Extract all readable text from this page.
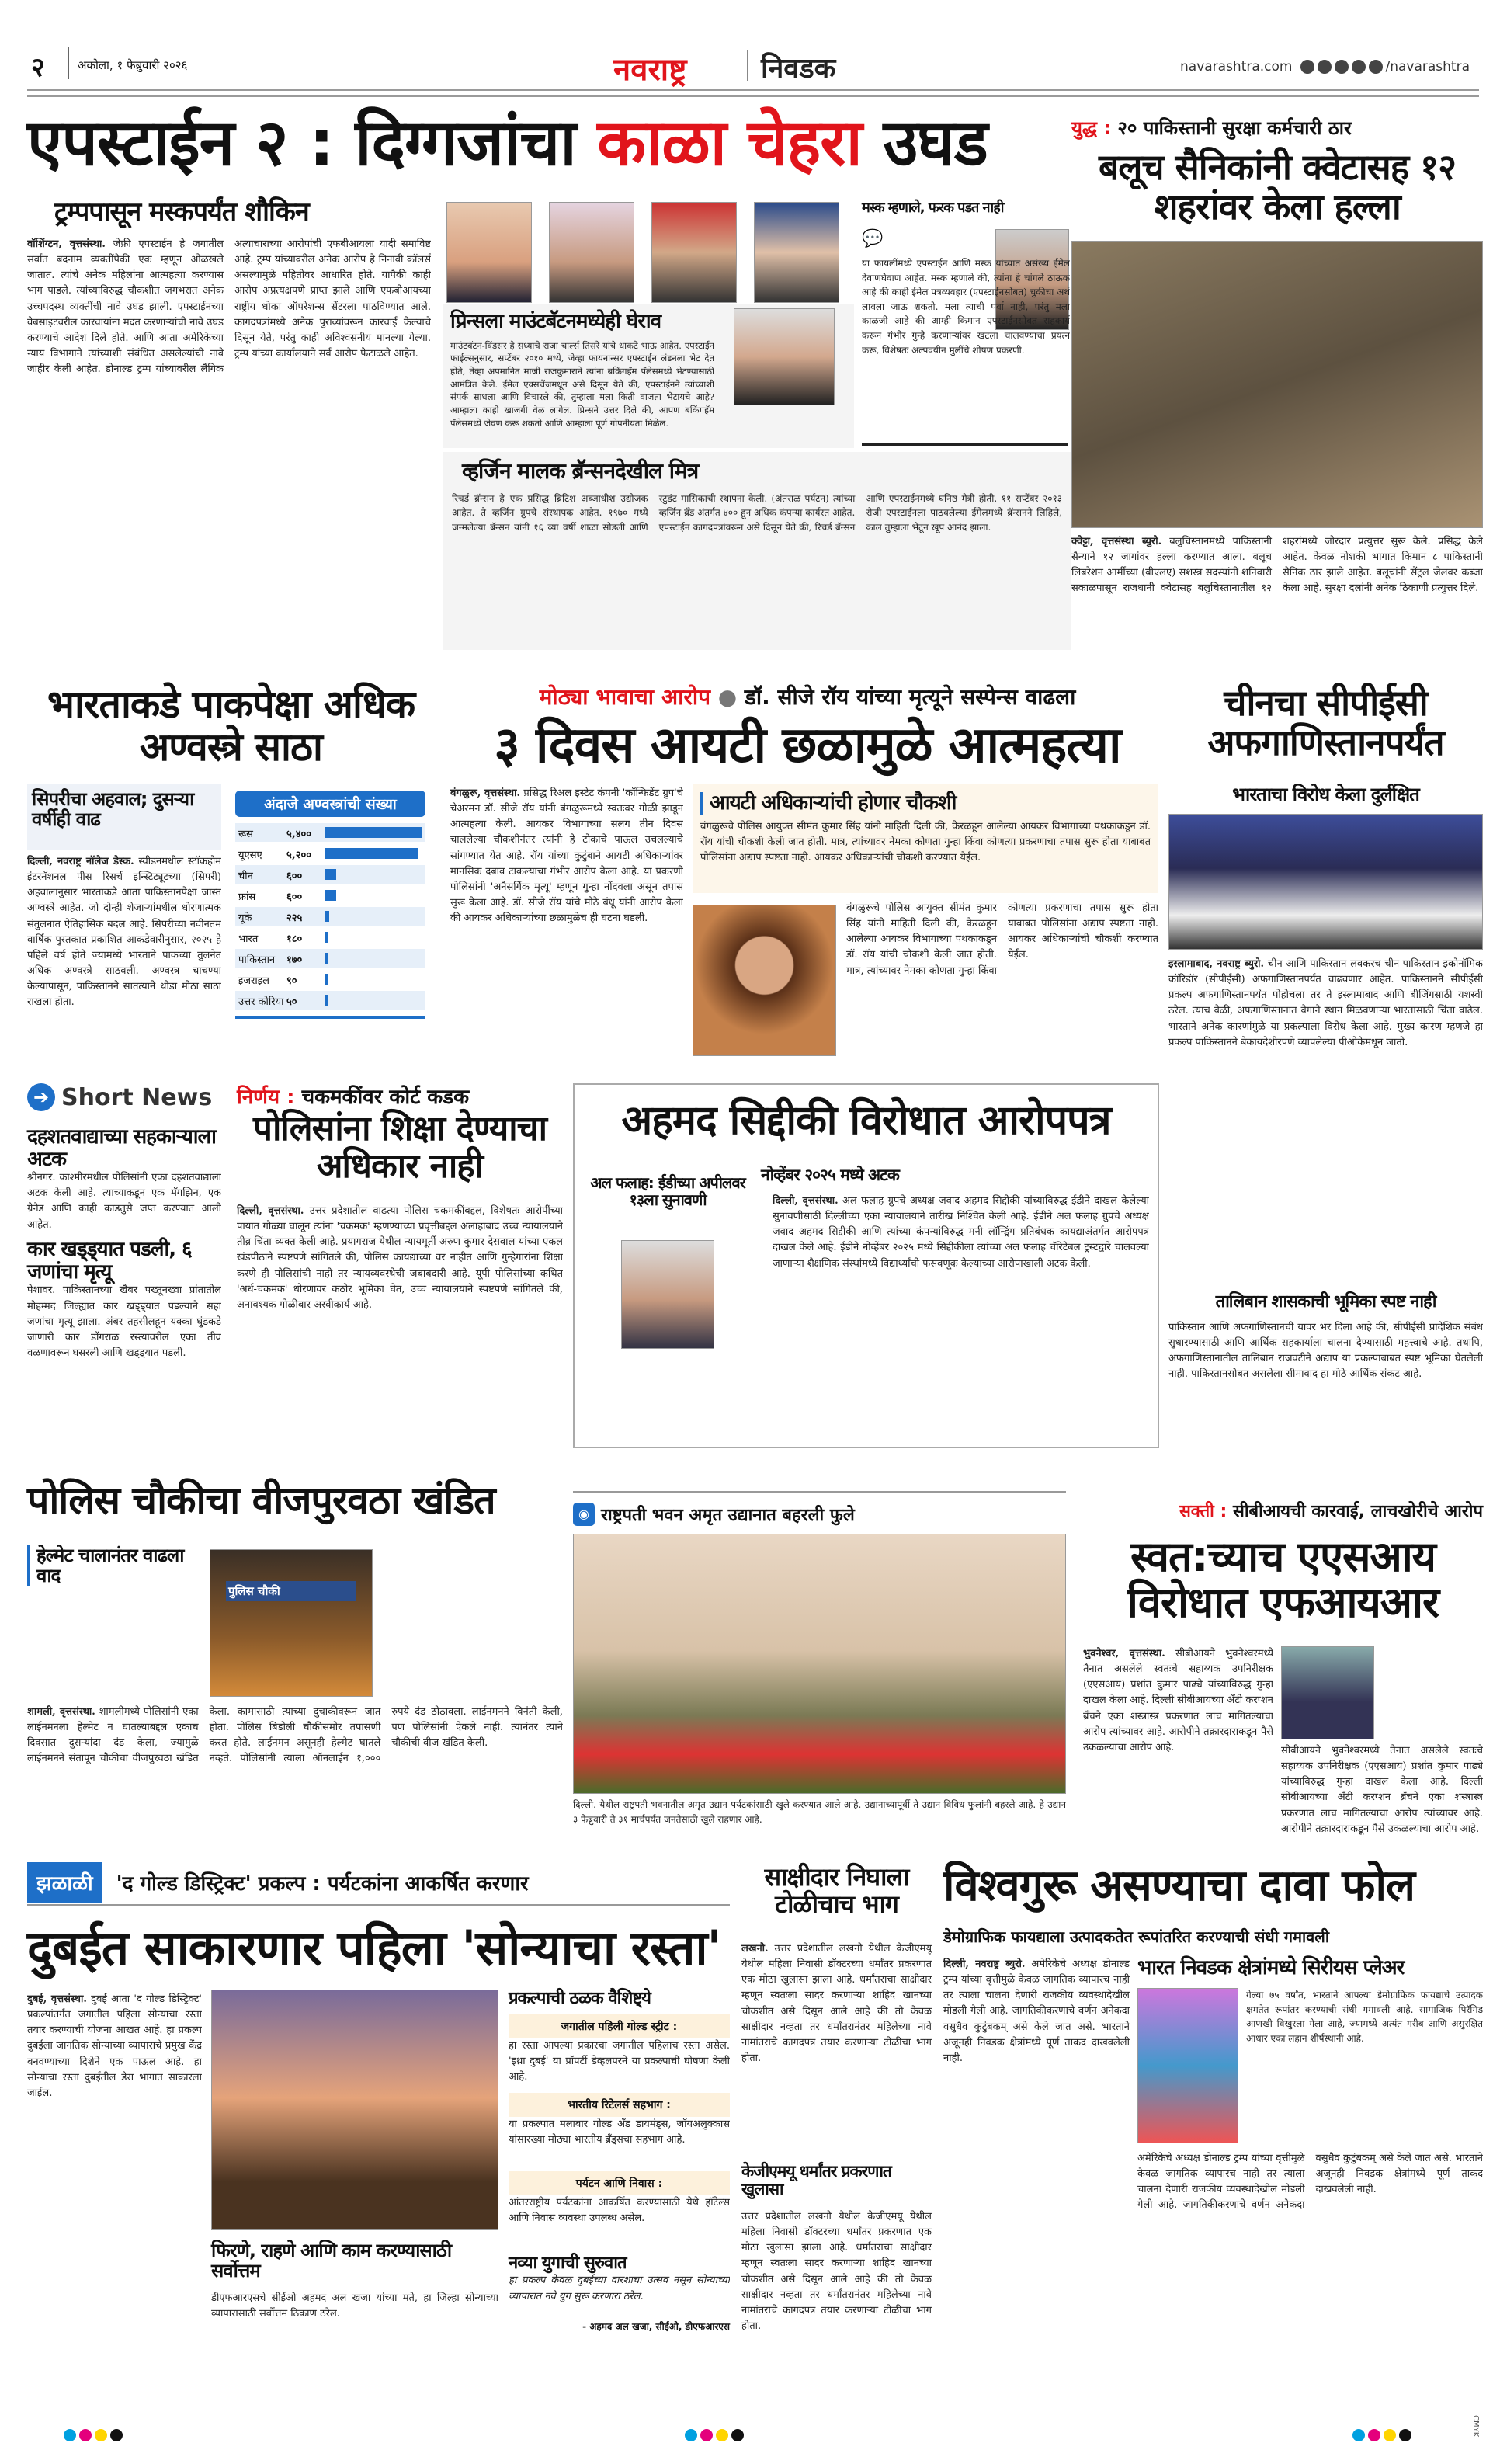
२	अकोला, १ फेब्रुवारी २०२६	नवराष्ट्र	निवडक	navarashtra.com	/navarashtra
एपस्टाईन २ : दिग्गजांचा काळा चेहरा उघड
ट्रम्पपासून मस्कपर्यंत शौकिन
वॉशिंग्टन, वृत्तसंस्था. जेफ्री एपस्टाईन हे जगातील सर्वात बदनाम व्यक्तींपैकी एक म्हणून ओळखले जातात. त्यांचे अनेक महिलांना आत्महत्या करण्यास भाग पाडले. त्यांच्याविरुद्ध चौकशीत जगभरात अनेक उच्चपदस्थ व्यक्तींची नावे उघड झाली. एपस्टाईनच्या वेबसाइटवरील कारवायांना मदत करणाऱ्यांची नावे उघड करण्याचे आदेश दिले होते. आणि आता अमेरिकेच्या न्याय विभागाने त्यांच्याशी संबंधित असलेल्यांची नावे जाहीर केली आहेत. डोनाल्ड ट्रम्प यांच्यावरील लैंगिक अत्याचाराच्या आरोपांची एफबीआयला यादी समाविष्ट आहे. ट्रम्प यांच्यावरील अनेक आरोप हे निनावी कॉलर्स असल्यामुळे महितीवर आधारित होते. यापैकी काही आरोप अप्रत्यक्षपणे प्राप्त झाले आणि एफबीआयच्या राष्ट्रीय धोका ऑपरेशन्स सेंटरला पाठविण्यात आले. कागदपत्रांमध्ये अनेक पुराव्यांवरून कारवाई केल्याचे दिसून येते, परंतु काही अविश्वसनीय मानल्या गेल्या. ट्रम्प यांच्या कार्यालयाने सर्व आरोप फेटाळले आहेत.
प्रिन्सला माउंटबॅटनमध्येही घेराव
माउंटबॅटन-विंडसर हे सध्याचे राजा चार्ल्स तिसरे यांचे धाकटे भाऊ आहेत. एपस्टाईन फाईल्सनुसार, सप्टेंबर २०१० मध्ये, जेव्हा फायनान्सर एपस्टाईन लंडनला भेट देत होते, तेव्हा अपमानित माजी राजकुमाराने त्यांना बकिंगहॅम पॅलेसमध्ये भेटण्यासाठी आमंत्रित केले. ईमेल एक्सचेंजमधून असे दिसून येते की, एपस्टाईनने त्यांच्याशी संपर्क साधला आणि विचारले की, तुम्हाला मला किती वाजता भेटायचे आहे? आम्हाला काही खाजगी वेळ लागेल. प्रिन्सने उत्तर दिले की, आपण बकिंगहॅम पॅलेसमध्ये जेवण करू शकतो आणि आम्हाला पूर्ण गोपनीयता मिळेल.
मस्क म्हणाले, फरक पडत नाही
💬
या फायलींमध्ये एपस्टाईन आणि मस्क यांच्यात असंख्य ईमेल देवाणघेवाण आहेत. मस्क म्हणाले की, त्यांना हे चांगले ठाऊक आहे की काही ईमेल पत्रव्यवहार (एपस्टाईनसोबत) चुकीचा अर्थ लावला जाऊ शकतो. मला त्याची पर्वा नाही, परंतु मला काळजी आहे की आम्ही किमान एपस्टाईनसोबत सहकार्य करून गंभीर गुन्हे करणाऱ्यांवर खटला चालवण्याचा प्रयत्न करू, विशेषतः अल्पवयीन मुलींचे शोषण प्रकरणी.
व्हर्जिन मालक ब्रॅन्सनदेखील मित्र
रिचर्ड ब्रॅन्सन हे एक प्रसिद्ध ब्रिटिश अब्जाधीश उद्योजक आहेत. ते व्हर्जिन ग्रुपचे संस्थापक आहेत. १९७० मध्ये जन्मलेल्या ब्रॅन्सन यांनी १६ व्या वर्षी शाळा सोडली आणि स्टुडंट मासिकाची स्थापना केली. (अंतराळ पर्यटन) त्यांच्या व्हर्जिन ब्रँड अंतर्गत ४०० हून अधिक कंपन्या कार्यरत आहेत. एपस्टाईन कागदपत्रांवरून असे दिसून येते की, रिचर्ड ब्रॅन्सन आणि एपस्टाईनमध्ये घनिष्ठ मैत्री होती. ११ सप्टेंबर २०१३ रोजी एपस्टाईनला पाठवलेल्या ईमेलमध्ये ब्रॅन्सनने लिहिले, काल तुम्हाला भेटून खूप आनंद झाला.
युद्ध : २० पाकिस्तानी सुरक्षा कर्मचारी ठार
बलूच सैनिकांनी क्वेटासह १२ शहरांवर केला हल्ला
क्वेट्टा, वृत्तसंस्था ब्युरो. बलुचिस्तानमध्ये पाकिस्तानी सैन्याने १२ जागांवर हल्ला करण्यात आला. बलूच लिबरेशन आर्मीच्या (बीएलए) सशस्त्र सदस्यांनी शनिवारी सकाळपासून राजधानी क्वेटासह बलुचिस्तानातील १२ शहरांमध्ये जोरदार प्रत्युत्तर सुरू केले. प्रसिद्ध केले आहेत. केवळ नोशकी भागात किमान ८ पाकिस्तानी सैनिक ठार झाले आहेत. बलूचांनी सेंट्रल जेलवर कब्जा केला आहे. सुरक्षा दलांनी अनेक ठिकाणी प्रत्युत्तर दिले.
भारताकडे पाकपेक्षा अधिक अण्वस्त्रे साठा
सिपरीचा अहवाल; दुसऱ्या वर्षीही वाढ
दिल्ली, नवराष्ट्र नॉलेज डेस्क. स्वीडनमधील स्टॉकहोम इंटरनॅशनल पीस रिसर्च इन्स्टिट्यूटच्या (सिपरी) अहवालानुसार भारताकडे आता पाकिस्तानपेक्षा जास्त अण्वस्त्रे आहेत. जो दोन्ही शेजाऱ्यांमधील धोरणात्मक संतुलनात ऐतिहासिक बदल आहे. सिपरीच्या नवीनतम वार्षिक पुस्तकात प्रकाशित आकडेवारीनुसार, २०२५ हे पहिले वर्ष होते ज्यामध्ये भारताने पाकच्या तुलनेत अधिक अण्वस्त्रे साठवली. अण्वस्त्र चाचण्या केल्यापासून, पाकिस्तानने सातत्याने थोडा मोठा साठा राखला होता.
अंदाजे अण्वस्त्रांची संख्या
रूस	५,४००
यूएसए ५,२००
चीन	६००
फ्रांस	६००
यूके	२२५
भारत	१८०
पाकिस्तान १७०
इजराइल ९०
उत्तर कोरिया ५०
मोठ्या भावाचा आरोप ● डॉ. सीजे रॉय यांच्या मृत्यूने सस्पेन्स वाढला
३ दिवस आयटी छळामुळे आत्महत्या
बंगळुरू, वृत्तसंस्था. प्रसिद्ध रिअल इस्टेट कंपनी 'कॉन्फिडेंट ग्रुप'चे चेअरमन डॉ. सीजे रॉय यांनी बंगळुरूमध्ये स्वतःवर गोळी झाडून आत्महत्या केली. आयकर विभागाच्या सलग तीन दिवस चाललेल्या चौकशीनंतर त्यांनी हे टोकाचे पाऊल उचलल्याचे सांगण्यात येत आहे. रॉय यांच्या कुटुंबाने आयटी अधिकाऱ्यांवर मानसिक दबाव टाकल्याचा गंभीर आरोप केला आहे. या प्रकरणी पोलिसांनी 'अनैसर्गिक मृत्यू' म्हणून गुन्हा नोंदवला असून तपास सुरू केला आहे. डॉ. सीजे रॉय यांचे मोठे बंधू यांनी आरोप केला की आयकर अधिकाऱ्यांच्या छळामुळेच ही घटना घडली.
आयटी अधिकाऱ्यांची होणार चौकशी
बंगळुरूचे पोलिस आयुक्त सीमंत कुमार सिंह यांनी माहिती दिली की, केरळहून आलेल्या आयकर विभागाच्या पथकाकडून डॉ. रॉय यांची चौकशी केली जात होती. मात्र, त्यांच्यावर नेमका कोणता गुन्हा किंवा कोणत्या प्रकरणाचा तपास सुरू होता याबाबत पोलिसांना अद्याप स्पष्टता नाही. आयकर अधिकाऱ्यांची चौकशी करण्यात येईल.
बंगळुरूचे पोलिस आयुक्त सीमंत कुमार सिंह यांनी माहिती दिली की, केरळहून आलेल्या आयकर विभागाच्या पथकाकडून डॉ. रॉय यांची चौकशी केली जात होती. मात्र, त्यांच्यावर नेमका कोणता गुन्हा किंवा कोणत्या प्रकरणाचा तपास सुरू होता याबाबत पोलिसांना अद्याप स्पष्टता नाही. आयकर अधिकाऱ्यांची चौकशी करण्यात येईल.
चीनचा सीपीईसी अफगाणिस्तानपर्यंत
भारताचा विरोध केला दुर्लक्षित
इस्लामाबाद, नवराष्ट्र ब्युरो. चीन आणि पाकिस्तान लवकरच चीन-पाकिस्तान इकोनॉमिक कॉरिडॉर (सीपीईसी) अफगाणिस्तानपर्यंत वाढवणार आहेत. पाकिस्तानने सीपीईसी प्रकल्प अफगाणिस्तानपर्यंत पोहोचला तर ते इस्लामाबाद आणि बीजिंगसाठी यशस्वी ठरेल. त्याच वेळी, अफगाणिस्तानात वेगाने स्थान मिळवणाऱ्या भारतासाठी चिंता वाढेल. भारताने अनेक कारणांमुळे या प्रकल्पाला विरोध केला आहे. मुख्य कारण म्हणजे हा प्रकल्प पाकिस्तानने बेकायदेशीरपणे व्यापलेल्या पीओकेमधून जातो.
तालिबान शासकाची भूमिका स्पष्ट नाही
पाकिस्तान आणि अफगाणिस्तानची यावर भर दिला आहे की, सीपीईसी प्रादेशिक संबंध सुधारण्यासाठी आणि आर्थिक सहकार्याला चालना देण्यासाठी महत्त्वाचे आहे. तथापि, अफगाणिस्तानातील तालिबान राजवटीने अद्याप या प्रकल्पाबाबत स्पष्ट भूमिका घेतलेली नाही. पाकिस्तानसोबत असलेला सीमावाद हा मोठे आर्थिक संकट आहे.
➔ Short News
दहशतवाद्याच्या सहकाऱ्याला अटक
श्रीनगर. काश्मीरमधील पोलिसांनी एका दहशतवाद्याला अटक केली आहे. त्याच्याकडून एक मॅगझिन, एक ग्रेनेड आणि काही काडतुसे जप्त करण्यात आली आहेत.
कार खड्ड्यात पडली, ६ जणांचा मृत्यू
पेशावर. पाकिस्तानच्या खैबर पख्तूनख्वा प्रांतातील मोहम्मद जिल्ह्यात कार खड्ड्यात पडल्याने सहा जणांचा मृत्यू झाला. अंबर तहसीलहून यक्का घुंडकडे जाणारी कार डोंगराळ रस्त्यावरील एका तीव्र वळणावरून घसरली आणि खड्ड्यात पडली.
निर्णय : चकमकींवर कोर्ट कडक
पोलिसांना शिक्षा देण्याचा अधिकार नाही
दिल्ली, वृत्तसंस्था. उत्तर प्रदेशातील वाढत्या पोलिस चकमकींबद्दल, विशेषतः आरोपींच्या पायात गोळ्या घालून त्यांना 'चकमक' म्हणण्याच्या प्रवृत्तीबद्दल अलाहाबाद उच्च न्यायालयाने तीव्र चिंता व्यक्त केली आहे. प्रयागराज येथील न्यायमूर्ती अरुण कुमार देसवाल यांच्या एकल खंडपीठाने स्पष्टपणे सांगितले की, पोलिस कायद्याच्या वर नाहीत आणि गुन्हेगारांना शिक्षा करणे ही पोलिसांची नाही तर न्यायव्यवस्थेची जबाबदारी आहे. यूपी पोलिसांच्या कथित 'अर्ध-चकमक' धोरणावर कठोर भूमिका घेत, उच्च न्यायालयाने स्पष्टपणे सांगितले की, अनावश्यक गोळीबार अस्वीकार्य आहे.
अहमद सिद्दीकी विरोधात आरोपपत्र
अल फलाह: ईडीच्या अपीलवर १३ला सुनावणी
नोव्हेंबर २०२५ मध्ये अटक
दिल्ली, वृत्तसंस्था. अल फलाह ग्रुपचे अध्यक्ष जवाद अहमद सिद्दीकी यांच्याविरुद्ध ईडीने दाखल केलेल्या सुनावणीसाठी दिल्लीच्या एका न्यायालयाने तारीख निश्चित केली आहे. ईडीने अल फलाह ग्रुपचे अध्यक्ष जवाद अहमद सिद्दीकी आणि त्यांच्या कंपन्यांविरुद्ध मनी लॉन्ड्रिंग प्रतिबंधक कायद्याअंतर्गत आरोपपत्र दाखल केले आहे. ईडीने नोव्हेंबर २०२५ मध्ये सिद्दीकीला त्यांच्या अल फलाह चॅरिटेबल ट्रस्टद्वारे चालवल्या जाणाऱ्या शैक्षणिक संस्थांमध्ये विद्यार्थ्यांची फसवणूक केल्याच्या आरोपाखाली अटक केली.
पोलिस चौकीचा वीजपुरवठा खंडित
हेल्मेट चालानंतर वाढला वाद
पुलिस चौकी
शामली, वृत्तसंस्था. शामलीमध्ये पोलिसांनी एका लाईनमनला हेल्मेट न घातल्याबद्दल एकाच दिवसात दुसऱ्यांदा दंड केला, ज्यामुळे लाईनमनने संतापून चौकीचा वीजपुरवठा खंडित केला. कामासाठी त्याच्या दुचाकीवरून जात होता. पोलिस बिडोली चौकीसमोर तपासणी करत होते. लाईनमन असूनही हेल्मेट घातले नव्हते. पोलिसांनी त्याला ऑनलाईन १,००० रुपये दंड ठोठावला. लाईनमनने विनंती केली, पण पोलिसांनी ऐकले नाही. त्यानंतर त्याने चौकीची वीज खंडित केली.
◉ राष्ट्रपती भवन अमृत उद्यानात बहरली फुले
दिल्ली. येथील राष्ट्रपती भवनातील अमृत उद्यान पर्यटकांसाठी खुले करण्यात आले आहे. उद्यानाच्यापूर्वी ते उद्यान विविध फुलांनी बहरले आहे. हे उद्यान ३ फेब्रुवारी ते ३१ मार्चपर्यंत जनतेसाठी खुले राहणार आहे.
सक्ती : सीबीआयची कारवाई, लाचखोरीचे आरोप
स्वत:च्याच एएसआय विरोधात एफआयआर
भुवनेश्वर, वृत्तसंस्था. सीबीआयने भुवनेश्वरमध्ये तैनात असलेले स्वतःचे सहाय्यक उपनिरीक्षक (एएसआय) प्रशांत कुमार पाढ्ये यांच्याविरुद्ध गुन्हा दाखल केला आहे. दिल्ली सीबीआयच्या अँटी करप्शन ब्रँचने एका शस्त्रास्त्र प्रकरणात लाच मागितल्याचा आरोप त्यांच्यावर आहे. आरोपीने तक्रारदाराकडून पैसे उकळल्याचा आरोप आहे.	सीबीआयने भुवनेश्वरमध्ये तैनात असलेले स्वतःचे सहाय्यक उपनिरीक्षक (एएसआय) प्रशांत कुमार पाढ्ये यांच्याविरुद्ध गुन्हा दाखल केला आहे. दिल्ली सीबीआयच्या अँटी करप्शन ब्रँचने एका शस्त्रास्त्र प्रकरणात लाच मागितल्याचा आरोप त्यांच्यावर आहे. आरोपीने तक्रारदाराकडून पैसे उकळल्याचा आरोप आहे.
झळाळी	'द गोल्ड डिस्ट्रिक्ट' प्रकल्प : पर्यटकांना आकर्षित करणार
दुबईत साकारणार पहिला 'सोन्याचा रस्ता'
दुबई, वृत्तसंस्था. दुबई आता 'द गोल्ड डिस्ट्रिक्ट' प्रकल्पांतर्गत जगातील पहिला सोन्याचा रस्ता तयार करण्याची योजना आखत आहे. हा प्रकल्प दुबईला जागतिक सोन्याच्या व्यापाराचे प्रमुख केंद्र बनवण्याच्या दिशेने एक पाऊल आहे. हा सोन्याचा रस्ता दुबईतील डेरा भागात साकारला जाईल.
फिरणे, राहणे आणि काम करण्यासाठी सर्वोत्तम
डीएफआरएसचे सीईओ अहमद अल खजा यांच्या मते, हा जिल्हा सोन्याच्या व्यापारासाठी सर्वोत्तम ठिकाण ठरेल.
प्रकल्पाची ठळक वैशिष्ट्ये
जगातील पहिली गोल्ड स्ट्रीट :
हा रस्ता आपल्या प्रकारचा जगातील पहिलाच रस्ता असेल. 'इथ्रा दुबई' या प्रॉपर्टी डेव्हलपरने या प्रकल्पाची घोषणा केली आहे.
भारतीय रिटेलर्स सहभाग :
या प्रकल्पात मलाबार गोल्ड अँड डायमंड्स, जॉयअलुक्कास यांसारख्या मोठ्या भारतीय ब्रँड्सचा सहभाग आहे.
पर्यटन आणि निवास :
आंतरराष्ट्रीय पर्यटकांना आकर्षित करण्यासाठी येथे हॉटेल्स आणि निवास व्यवस्था उपलब्ध असेल.
नव्या युगाची सुरुवात
हा प्रकल्प केवळ दुबईच्या वारशाचा उत्सव नसून सोन्याच्या व्यापारात नवे युग सुरू करणारा ठरेल.
- अहमद अल खजा, सीईओ, डीएफआरएस
साक्षीदार निघाला टोळीचाच भाग
लखनौ. उत्तर प्रदेशातील लखनौ येथील केजीएमयू येथील महिला निवासी डॉक्टरच्या धर्मांतर प्रकरणात एक मोठा खुलासा झाला आहे. धर्मांतराचा साक्षीदार म्हणून स्वतःला सादर करणाऱ्या शाहिद खानच्या चौकशीत असे दिसून आले आहे की तो केवळ साक्षीदार नव्हता तर धर्मांतरानंतर महिलेच्या नावे नामांतराचे कागदपत्र तयार करणाऱ्या टोळीचा भाग होता.
केजीएमयू धर्मांतर प्रकरणात खुलासा
उत्तर प्रदेशातील लखनौ येथील केजीएमयू येथील महिला निवासी डॉक्टरच्या धर्मांतर प्रकरणात एक मोठा खुलासा झाला आहे. धर्मांतराचा साक्षीदार म्हणून स्वतःला सादर करणाऱ्या शाहिद खानच्या चौकशीत असे दिसून आले आहे की तो केवळ साक्षीदार नव्हता तर धर्मांतरानंतर महिलेच्या नावे नामांतराचे कागदपत्र तयार करणाऱ्या टोळीचा भाग होता.
विश्वगुरू असण्याचा दावा फोल
डेमोग्राफिक फायद्याला उत्पादकतेत रूपांतरित करण्याची संधी गमावली
दिल्ली, नवराष्ट्र ब्युरो. अमेरिकेचे अध्यक्ष डोनाल्ड ट्रम्प यांच्या वृत्तीमुळे केवळ जागतिक व्यापारच नाही तर त्याला चालना देणारी राजकीय व्यवस्थादेखील मोडली गेली आहे. जागतिकीकरणाचे वर्णन अनेकदा वसुधैव कुटुंबकम् असे केले जात असे. भारताने अजूनही निवडक क्षेत्रांमध्ये पूर्ण ताकद दाखवलेली नाही.
भारत निवडक क्षेत्रांमध्ये सिरीयस प्लेअर
गेल्या ७५ वर्षांत, भारताने आपल्या डेमोग्राफिक फायद्याचे उत्पादक क्षमतेत रूपांतर करण्याची संधी गमावली आहे. सामाजिक पिरॅमिड आणखी विखुरला गेला आहे, ज्यामध्ये अत्यंत गरीब आणि असुरक्षित आधार एका लहान शीर्षस्थानी आहे.
अमेरिकेचे अध्यक्ष डोनाल्ड ट्रम्प यांच्या वृत्तीमुळे केवळ जागतिक व्यापारच नाही तर त्याला चालना देणारी राजकीय व्यवस्थादेखील मोडली गेली आहे. जागतिकीकरणाचे वर्णन अनेकदा वसुधैव कुटुंबकम् असे केले जात असे. भारताने अजूनही निवडक क्षेत्रांमध्ये पूर्ण ताकद दाखवलेली नाही.
CMYK
